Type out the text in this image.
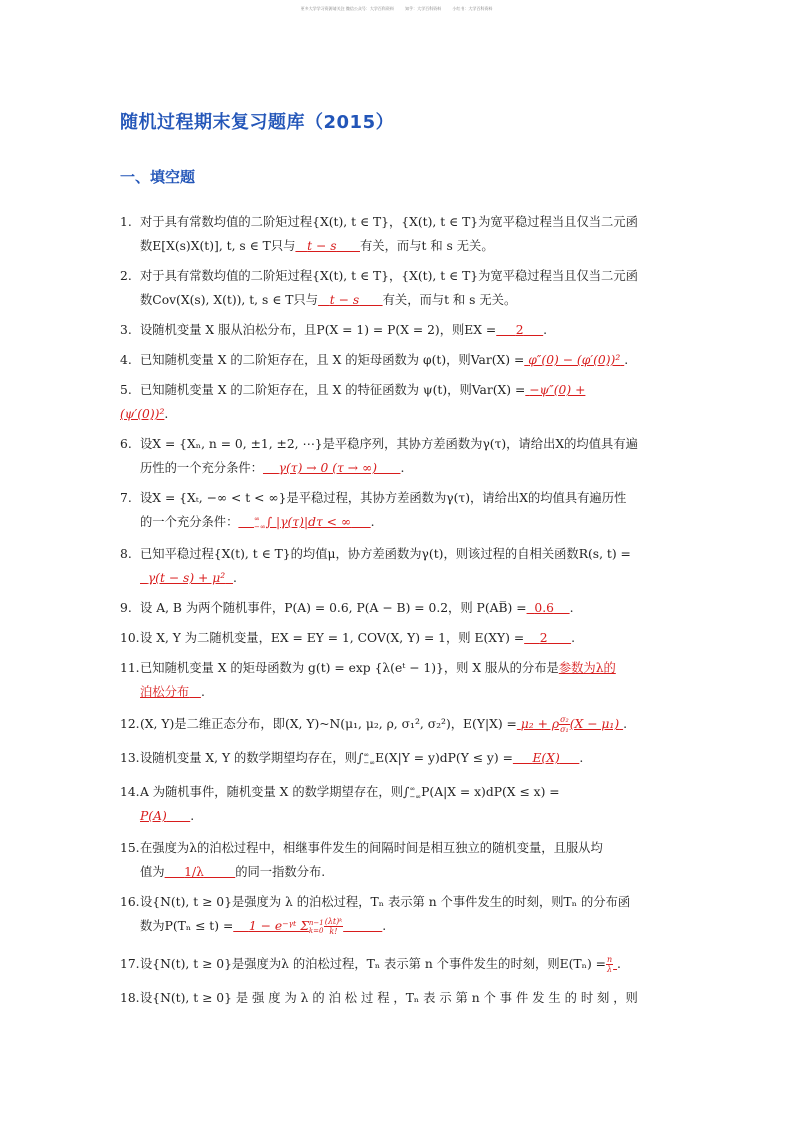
更多大学学习资源请关注 微信公众号：大学百科资料	知乎：大学百科资料	小红书：大学百科资料
随机过程期末复习题库（2015）
一、填空题
1. 对于具有常数均值的二阶矩过程{X(t), t ∈ T}，{X(t), t ∈ T}为宽平稳过程当且仅当二元函
数E[X(s)X(t)], t, s ∈ T只与 t − s 有关，而与t 和 s 无关。
2. 对于具有常数均值的二阶矩过程{X(t), t ∈ T}，{X(t), t ∈ T}为宽平稳过程当且仅当二元函
数Cov(X(s), X(t)), t, s ∈ T只与 t − s 有关，而与t 和 s 无关。
3. 设随机变量 X 服从泊松分布，且P(X = 1) = P(X = 2)，则EX = 2 .
4. 已知随机变量 X 的二阶矩存在，且 X 的矩母函数为 φ(t)，则Var(X) = φ″(0) − (φ′(0))² .
5. 已知随机变量 X 的二阶矩存在，且 X 的特征函数为 ψ(t)，则Var(X) = −ψ″(0) +
(ψ′(0))².
6. 设X = {Xₙ, n = 0, ±1, ±2, ⋯}是平稳序列，其协方差函数为γ(τ)，请给出X的均值具有遍
历性的一个充分条件： γ(τ) → 0 (τ → ∞) .
7. 设X = {Xₜ, −∞ < t < ∞}是平稳过程，其协方差函数为γ(τ)，请给出X的均值具有遍历性
的一个充分条件： ∞
−∞ ∫ |γ(τ)|dτ < ∞ .
8. 已知平稳过程{X(t), t ∈ T}的均值μ，协方差函数为γ(t)，则该过程的自相关函数R(s, t) =
γ(t − s) + μ² .
9. 设 A, B 为两个随机事件，P(A) = 0.6, P(A − B) = 0.2，则 P(AB̅) = 0.6 .
10.设 X, Y 为二随机变量，EX = EY = 1, COV(X, Y) = 1，则 E(XY) = 2 .
11.已知随机变量 X 的矩母函数为 g(t) = exp {λ(eᵗ − 1)}，则 X 服从的分布是参数为λ的
泊松分布 .
12.(X, Y)是二维正态分布，即(X, Y)~N(μ₁, μ₂, ρ, σ₁², σ₂²)，E(Y|X) = μ₂ + ρ $\frac{\text{σ₂}}{\text{σ₁}} (X - \mu_1)$ .
13.设随机变量 X, Y 的数学期望均存在，则∫ ∞
−∞ E(X|Y = y)dP(Y ≤ y) = E(X) .
14.A 为随机事件，随机变量 X 的数学期望存在，则∫ ∞
−∞ P(A|X = x)dP(X ≤ x) =
P(A) .
15.在强度为λ的泊松过程中，相继事件发生的间隔时间是相互独立的随机变量，且服从均
值为 1/λ	的同一指数分布.
16.设{N(t), t ≥ 0}是强度为 λ 的泊松过程，Tₙ 表示第 n 个事件发生的时刻，则Tₙ 的分布函
数为P(Tₙ ≤ t) = 1 − e⁻ᵞᵗ Σ n−1
$k=0 \frac{\text{(λt)ᵏ}}{k!}$	.
17.设{N(t), t ≥ 0}是强度为λ 的泊松过程，Tₙ 表示第 n 个事件发生的时刻，则$E(T_n) = \frac{n}{\lambda}$ .
18.设{N(t), t ≥ 0} 是 强 度 为 λ 的 泊 松 过 程 ，Tₙ 表 示 第 n 个 事 件 发 生 的 时 刻 ，则
